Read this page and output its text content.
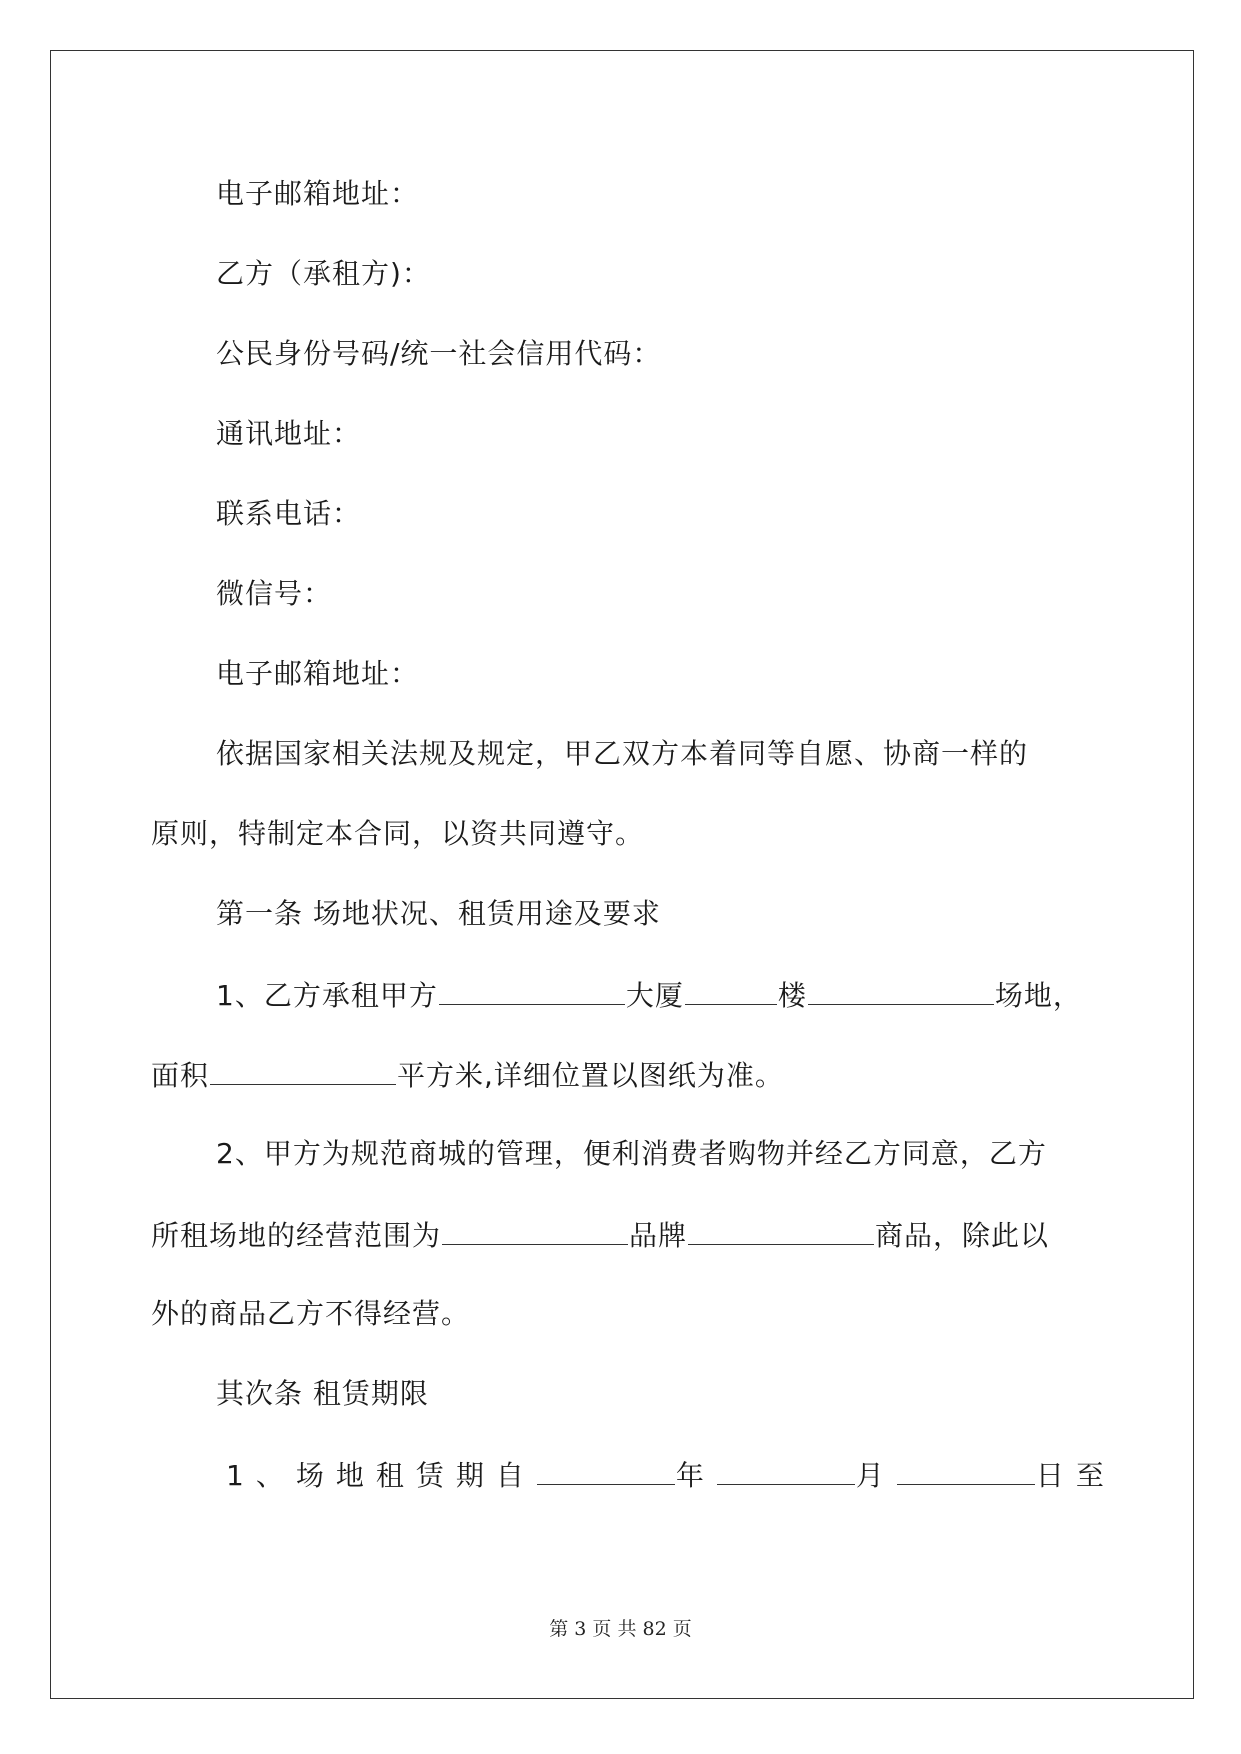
电子邮箱地址：
乙方（承租方)：
公民身份号码/统一社会信用代码：
通讯地址：
联系电话：
微信号：
电子邮箱地址：
依据国家相关法规及规定，甲乙双方本着同等自愿、协商一样的
原则，特制定本合同，以资共同遵守。
第一条 场地状况、租赁用途及要求
1、乙方承租甲方	大厦	楼	场地，
面积	平方米,详细位置以图纸为准。
2、甲方为规范商城的管理，便利消费者购物并经乙方同意，乙方
所租场地的经营范围为	品牌	商品，除此以
外的商品乙方不得经营。
其次条 租赁期限
1、场地租赁期自	年	月	日至
第 3 页 共 82 页
